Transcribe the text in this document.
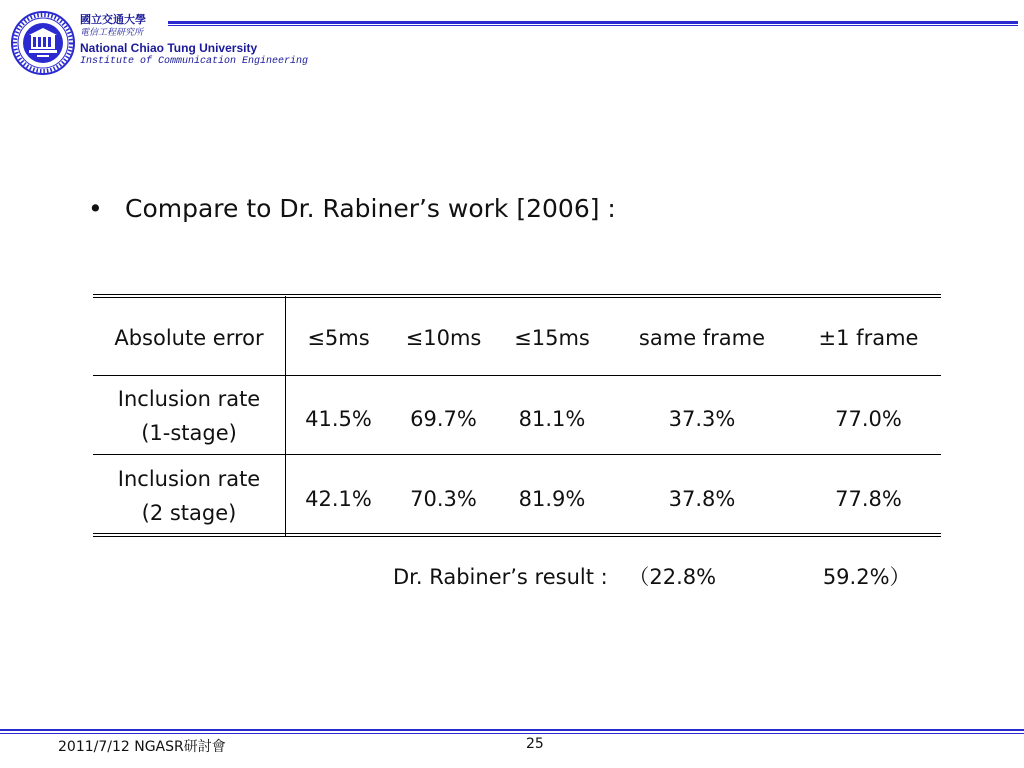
國立交通大學
電信工程研究所
National Chiao Tung University
Institute of Communication Engineering
• Compare to Dr. Rabiner’s work [2006] :
Absolute error	≤5ms	≤10ms	≤15ms	same frame	±1 frame
Inclusion rate
(1-stage)
41.5%	69.7%	81.1%	37.3%	77.0%
Inclusion rate
(2 stage)
42.1%	70.3%	81.9%	37.8%	77.8%
Dr. Rabiner’s result : （22.8%	59.2%）
2011/7/12 NGASR研討會	25
